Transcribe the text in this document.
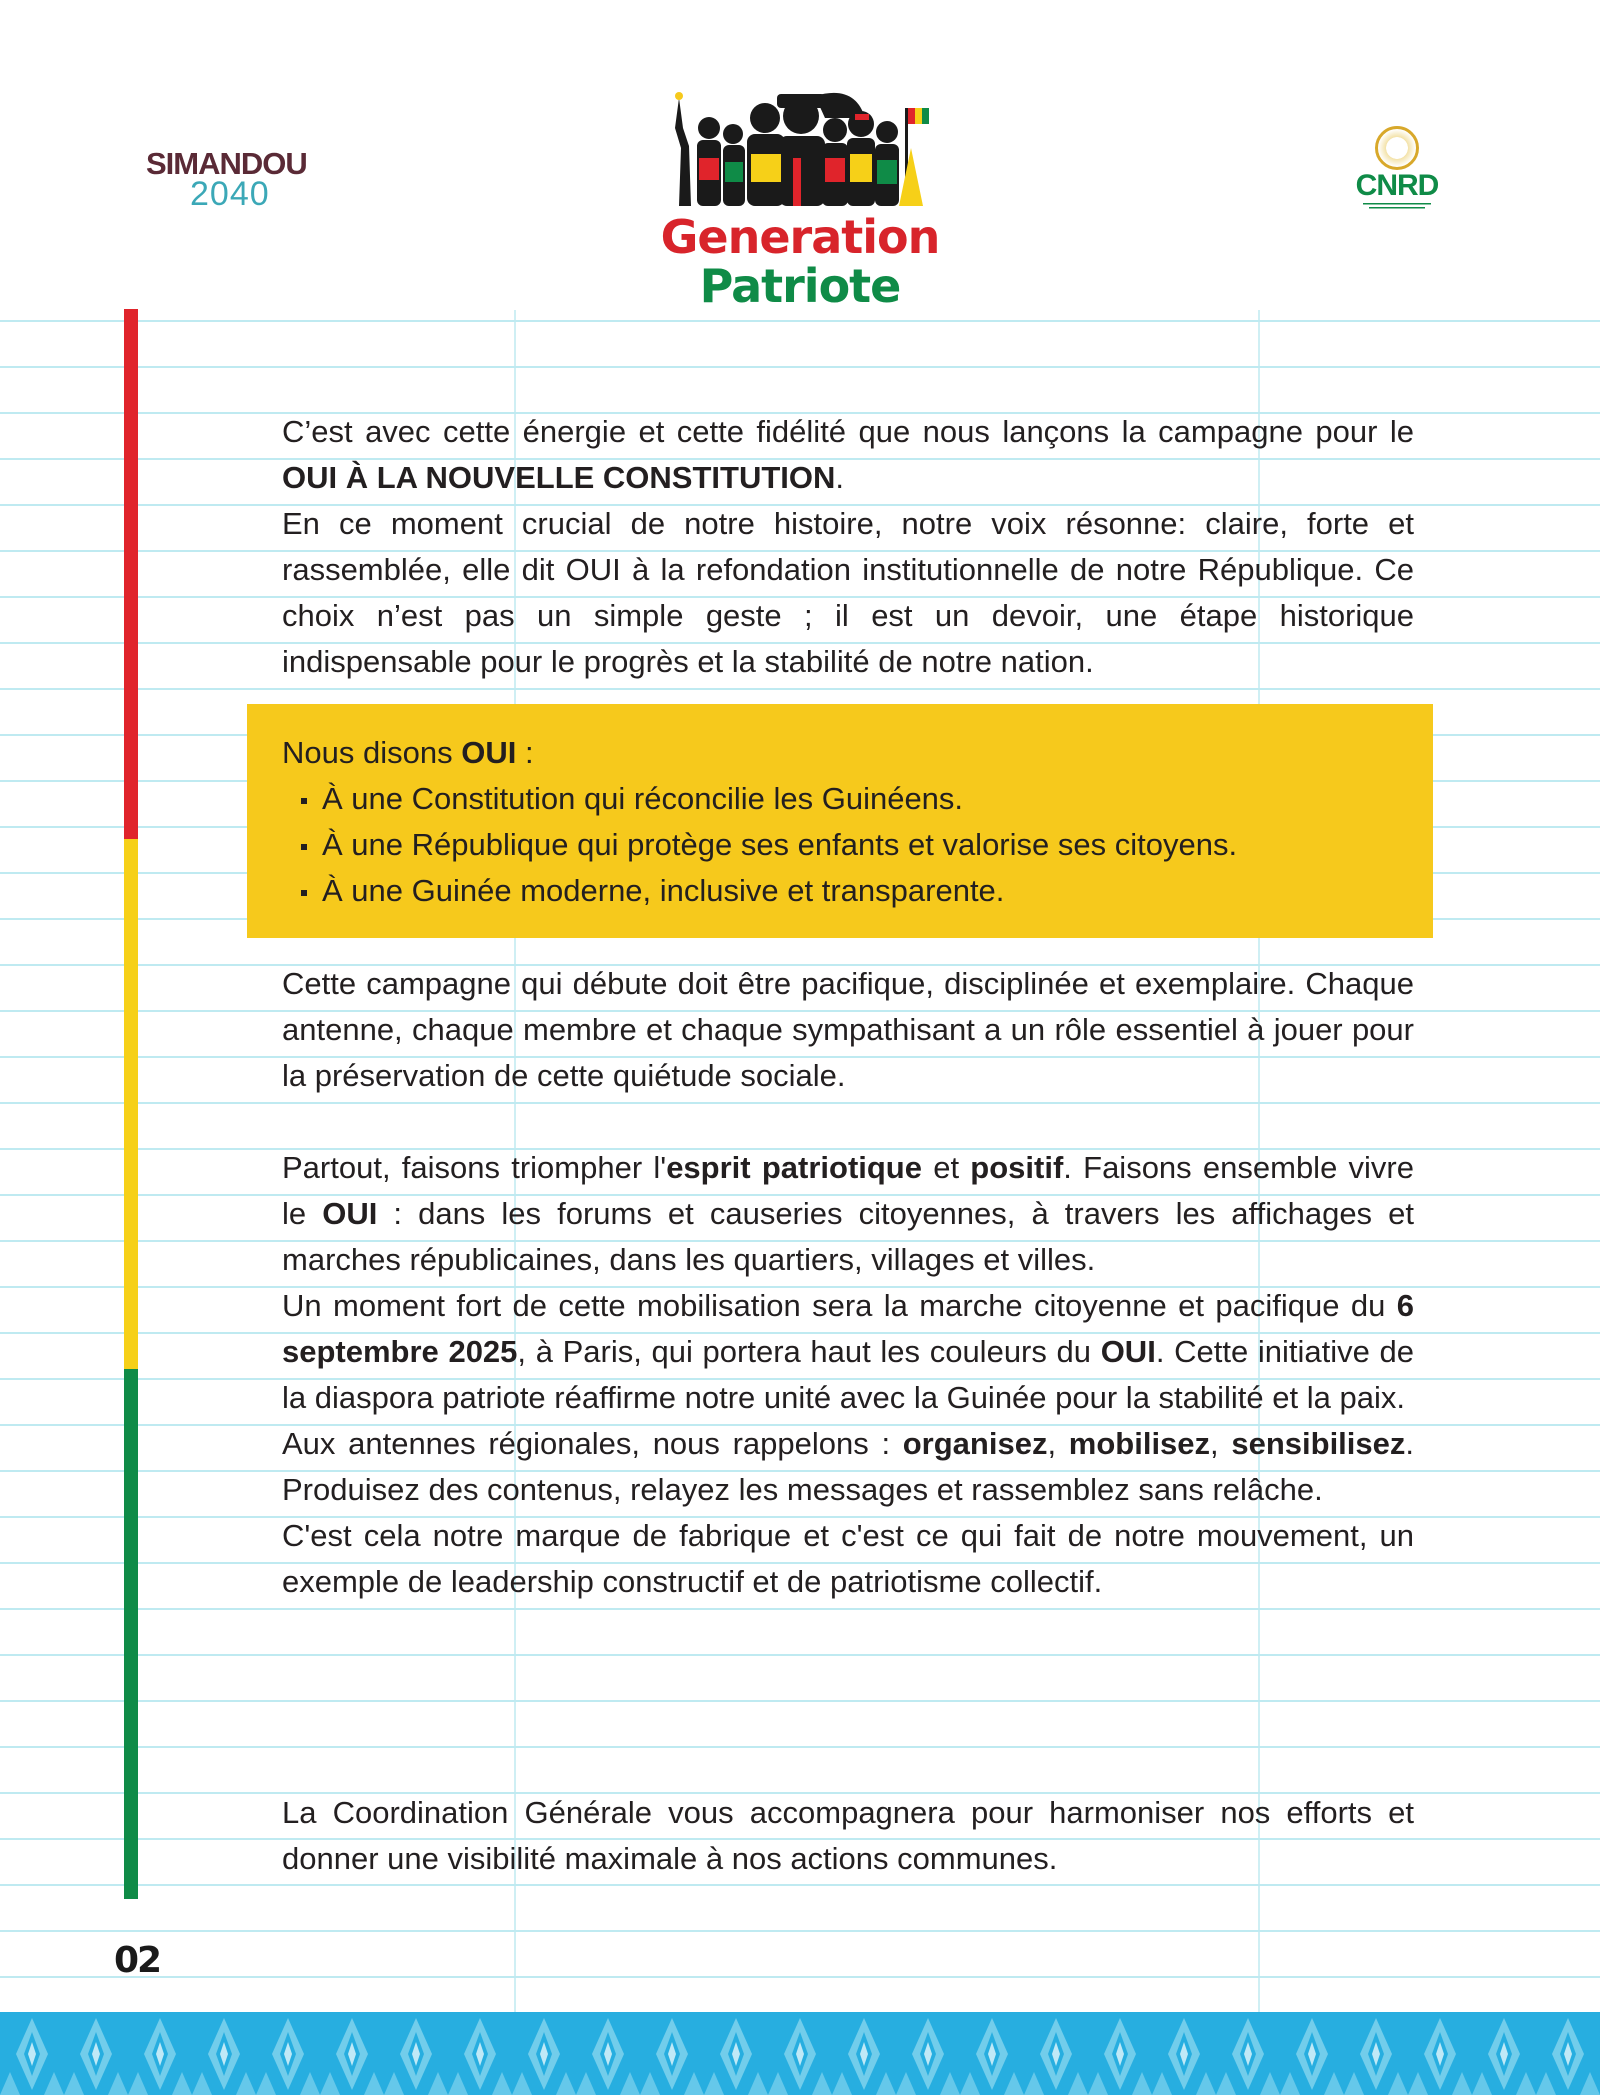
SIMANDOU
2040
Generation
Patriote
CNRD

C’est avec cette énergie et cette fidélité que nous lançons la campagne pour le OUI À LA NOUVELLE CONSTITUTION.

En ce moment crucial de notre histoire, notre voix résonne: claire, forte et rassemblée, elle dit OUI à la refondation institutionnelle de notre République. Ce choix n’est pas un simple geste ; il est un devoir, une étape historique indispensable pour le progrès et la stabilité de notre nation.

Nous disons OUI :
À une Constitution qui réconcilie les Guinéens.
À une République qui protège ses enfants et valorise ses citoyens.
À une Guinée moderne, inclusive et transparente.

Cette campagne qui débute doit être pacifique, disciplinée et exemplaire. Chaque antenne, chaque membre et chaque sympathisant a un rôle essentiel à jouer pour la préservation de cette quiétude sociale.

Partout, faisons triompher l'esprit patriotique et positif. Faisons ensemble vivre le OUI : dans les forums et causeries citoyennes, à travers les affichages et marches républicaines, dans les quartiers, villages et villes.

Un moment fort de cette mobilisation sera la marche citoyenne et pacifique du 6 septembre 2025, à Paris, qui portera haut les couleurs du OUI. Cette initiative de la diaspora patriote réaffirme notre unité avec la Guinée pour la stabilité et la paix.

Aux antennes régionales, nous rappelons : organisez, mobilisez, sensibilisez. Produisez des contenus, relayez les messages et rassemblez sans relâche.

C'est cela notre marque de fabrique et c'est ce qui fait de notre mouvement, un exemple de leadership constructif et de patriotisme collectif.

La Coordination Générale vous accompagnera pour harmoniser nos efforts et donner une visibilité maximale à nos actions communes.

02
